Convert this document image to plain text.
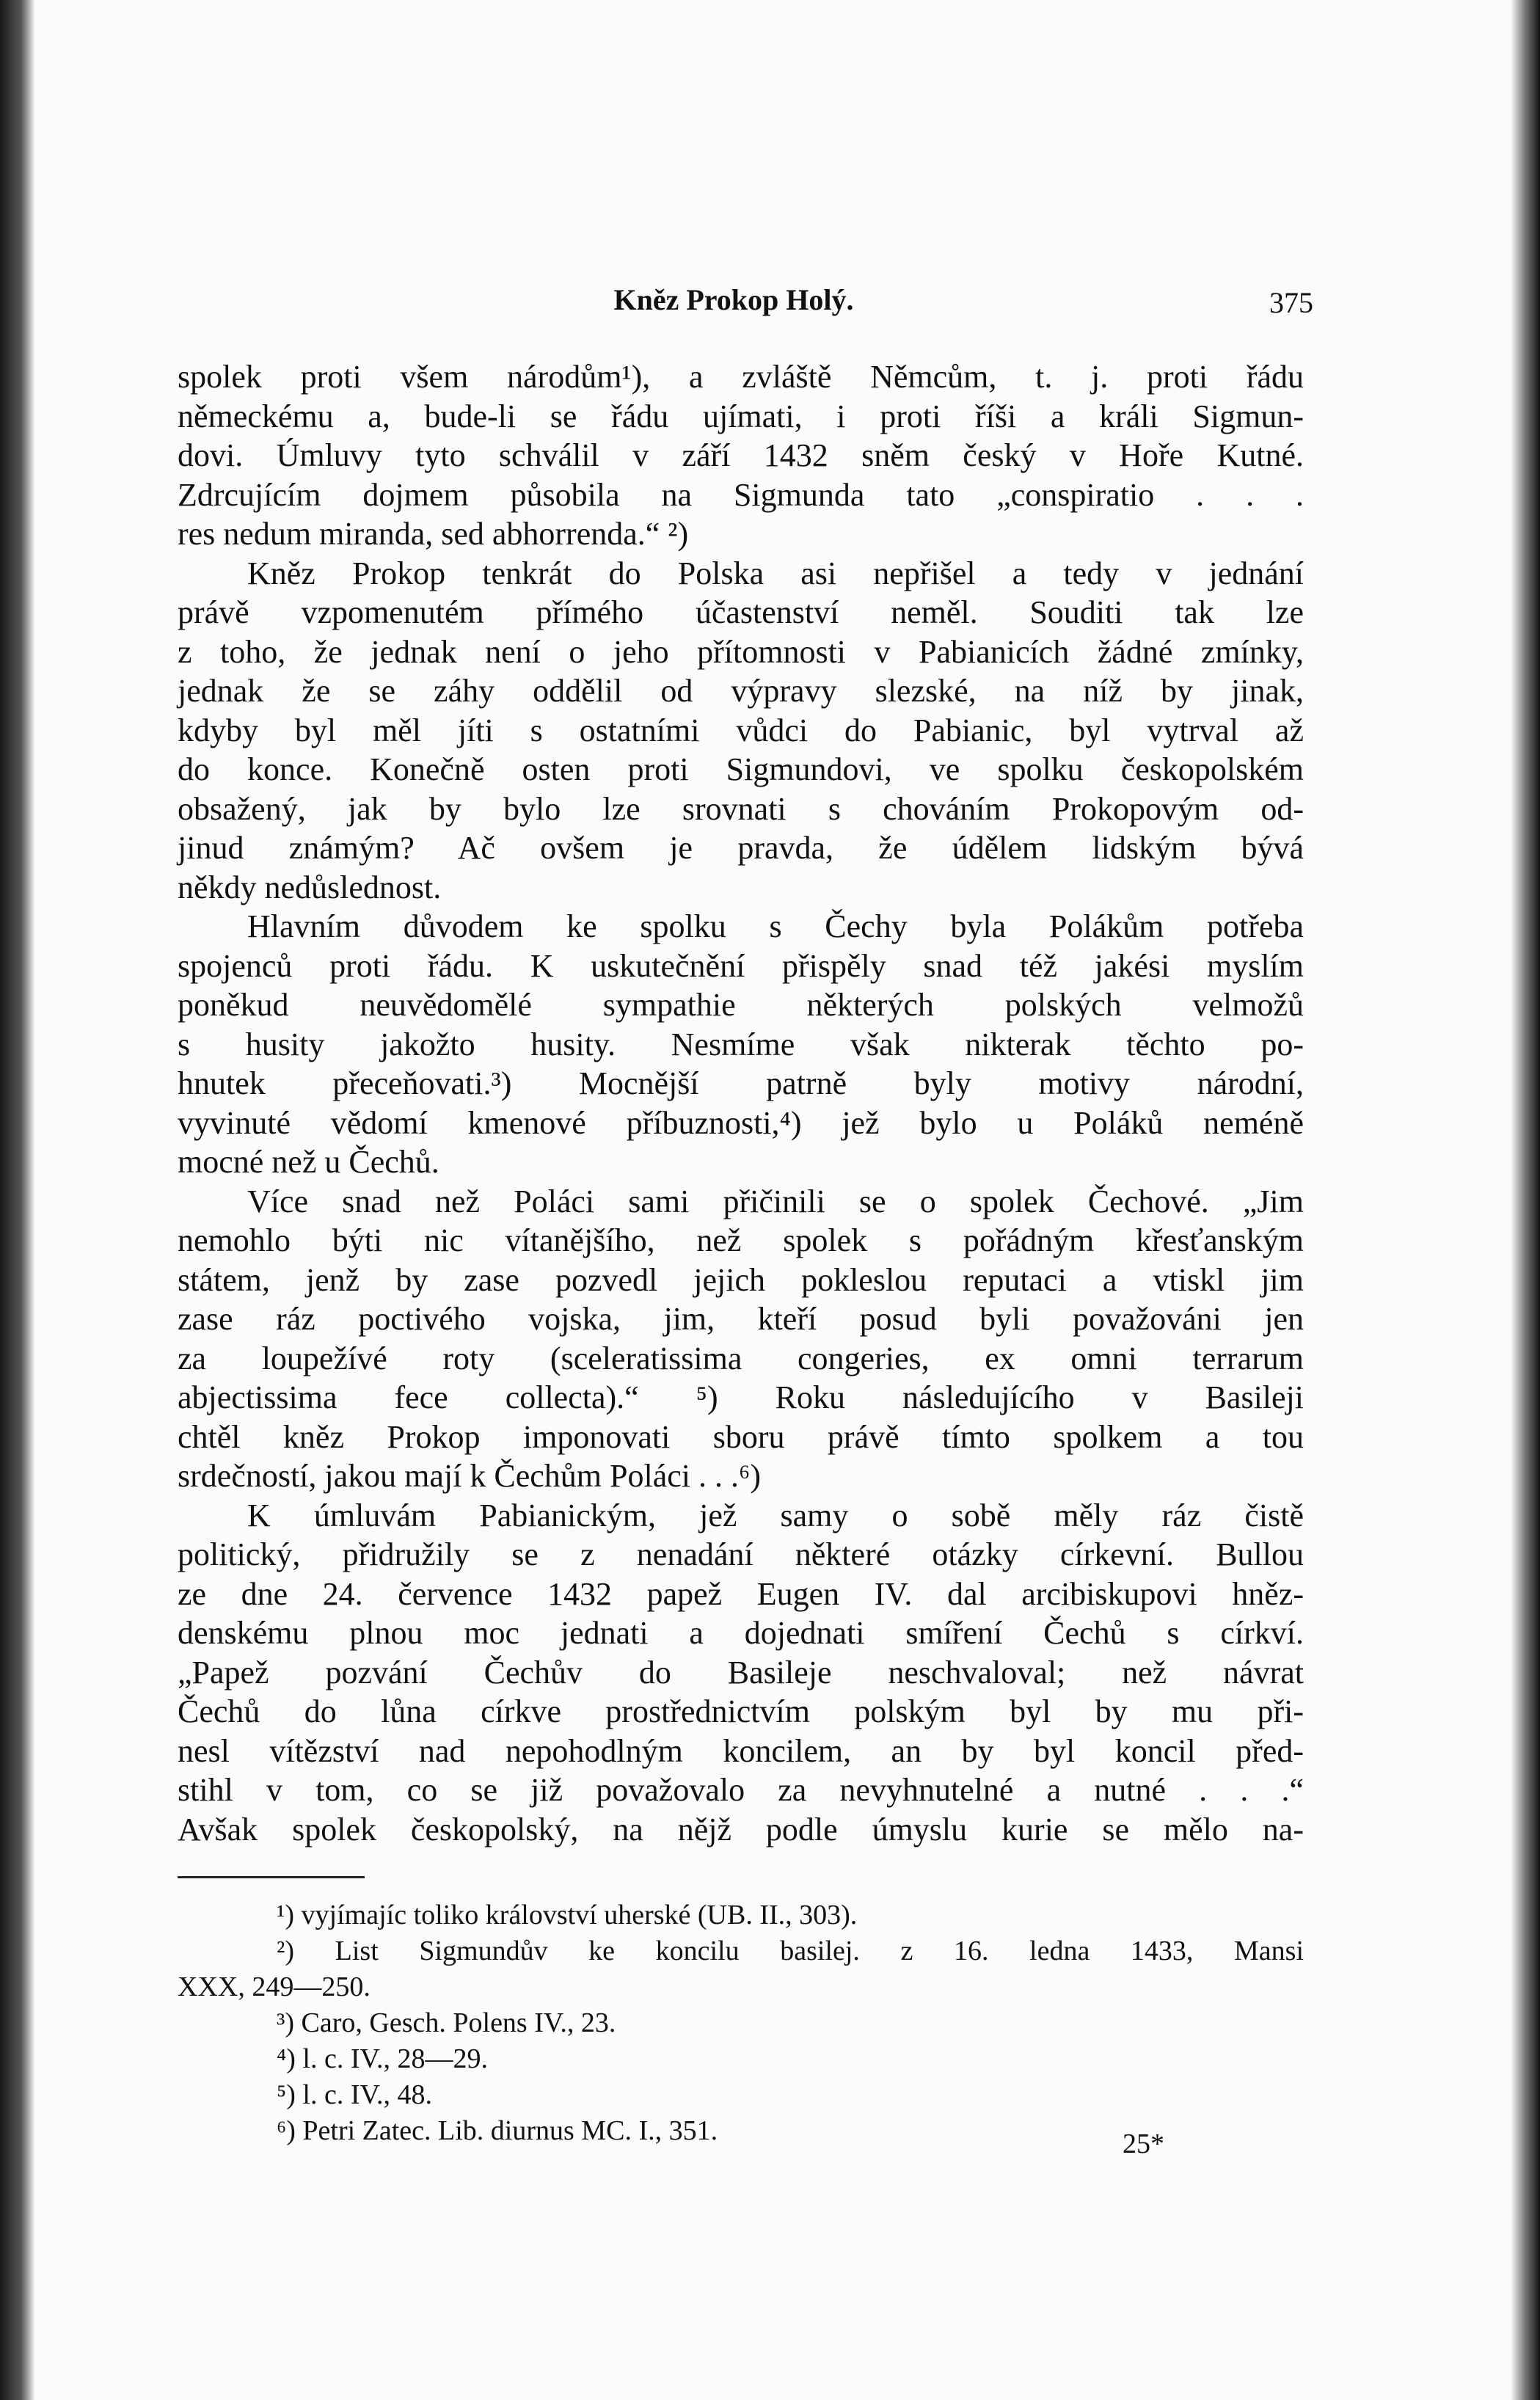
Kněz Prokop Holý.	375
spolek proti všem národům¹), a zvláště Němcům, t. j. proti řádu
německému a, bude-li se řádu ujímati, i proti říši a králi Sigmun-
dovi. Úmluvy tyto schválil v září 1432 sněm český v Hoře Kutné.
Zdrcujícím dojmem působila na Sigmunda tato „conspiratio . . .
res nedum miranda, sed abhorrenda.“ ²)
Kněz Prokop tenkrát do Polska asi nepřišel a tedy v jednání
právě vzpomenutém přímého účastenství neměl. Souditi tak lze
z toho, že jednak není o jeho přítomnosti v Pabianicích žádné zmínky,
jednak že se záhy oddělil od výpravy slezské, na níž by jinak,
kdyby byl měl jíti s ostatními vůdci do Pabianic, byl vytrval až
do konce. Konečně osten proti Sigmundovi, ve spolku českopolském
obsažený, jak by bylo lze srovnati s chováním Prokopovým od-
jinud známým? Ač ovšem je pravda, že údělem lidským bývá
někdy nedůslednost.
Hlavním důvodem ke spolku s Čechy byla Polákům potřeba
spojenců proti řádu. K uskutečnění přispěly snad též jakési myslím
poněkud neuvědomělé sympathie některých polských velmožů
s husity jakožto husity. Nesmíme však nikterak těchto po-
hnutek přeceňovati.³) Mocnější patrně byly motivy národní,
vyvinuté vědomí kmenové příbuznosti,⁴) jež bylo u Poláků neméně
mocné než u Čechů.
Více snad než Poláci sami přičinili se o spolek Čechové. „Jim
nemohlo býti nic vítanějšího, než spolek s pořádným křesťanským
státem, jenž by zase pozvedl jejich pokleslou reputaci a vtiskl jim
zase ráz poctivého vojska, jim, kteří posud byli považováni jen
za loupežívé roty (sceleratissima congeries, ex omni terrarum
abjectissima fece collecta).“ ⁵) Roku následujícího v Basileji
chtěl kněz Prokop imponovati sboru právě tímto spolkem a tou
srdečností, jakou mají k Čechům Poláci . . .⁶)
K úmluvám Pabianickým, jež samy o sobě měly ráz čistě
politický, přidružily se z nenadání některé otázky církevní. Bullou
ze dne 24. července 1432 papež Eugen IV. dal arcibiskupovi hněz-
denskému plnou moc jednati a dojednati smíření Čechů s církví.
„Papež pozvání Čechův do Basileje neschvaloval; než návrat
Čechů do lůna církve prostřednictvím polským byl by mu při-
nesl vítězství nad nepohodlným koncilem, an by byl koncil před-
stihl v tom, co se již považovalo za nevyhnutelné a nutné . . .“
Avšak spolek českopolský, na nějž podle úmyslu kurie se mělo na-
¹) vyjímajíc toliko království uherské (UB. II., 303).
²) List Sigmundův ke koncilu basilej. z 16. ledna 1433, Mansi
XXX, 249—250.
³) Caro, Gesch. Polens IV., 23.
⁴) l. c. IV., 28—29.
⁵) l. c. IV., 48.
⁶) Petri Zatec. Lib. diurnus MC. I., 351.	25*
